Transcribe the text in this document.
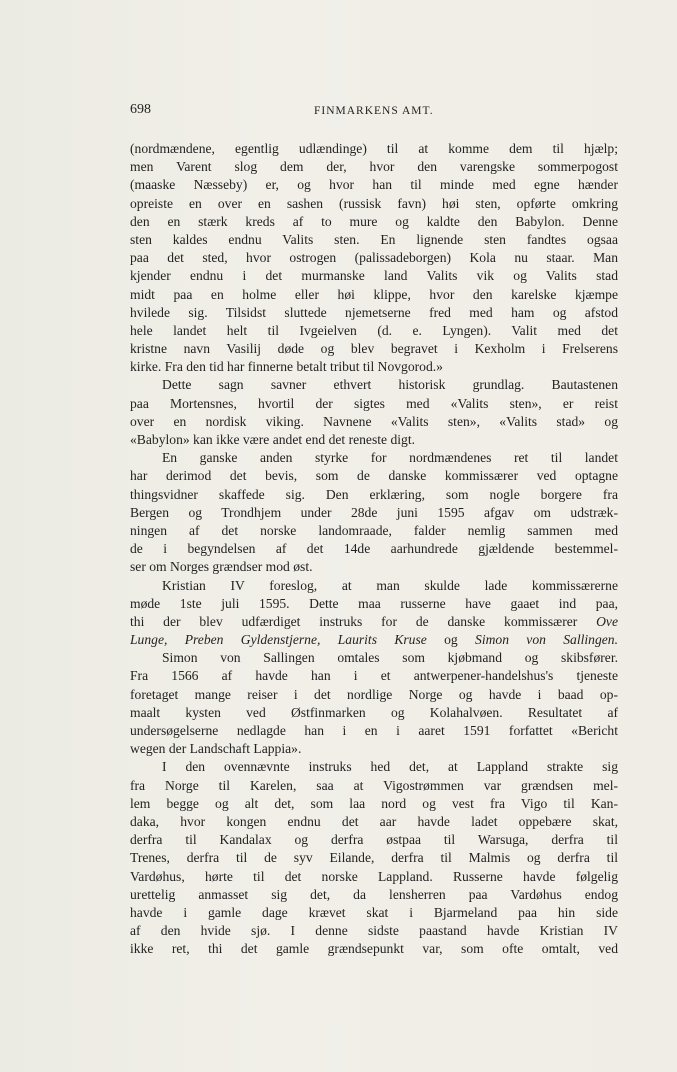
698	FINMARKENS AMT.
(nordmændene, egentlig udlændinge) til at komme dem til hjælp;
men Varent slog dem der, hvor den varengske sommerpogost
(maaske Næsseby) er, og hvor han til minde med egne hænder
opreiste en over en sashen (russisk favn) høi sten, opførte omkring
den en stærk kreds af to mure og kaldte den Babylon. Denne
sten kaldes endnu Valits sten. En lignende sten fandtes ogsaa
paa det sted, hvor ostrogen (palissadeborgen) Kola nu staar. Man
kjender endnu i det murmanske land Valits vik og Valits stad
midt paa en holme eller høi klippe, hvor den karelske kjæmpe
hvilede sig. Tilsidst sluttede njemetserne fred med ham og afstod
hele landet helt til Ivgeielven (d. e. Lyngen). Valit med det
kristne navn Vasilij døde og blev begravet i Kexholm i Frelserens
kirke. Fra den tid har finnerne betalt tribut til Novgorod.»
Dette sagn savner ethvert historisk grundlag. Bautastenen
paa Mortensnes, hvortil der sigtes med «Valits sten», er reist
over en nordisk viking. Navnene «Valits sten», «Valits stad» og
«Babylon» kan ikke være andet end det reneste digt.
En ganske anden styrke for nordmændenes ret til landet
har derimod det bevis, som de danske kommissærer ved optagne
thingsvidner skaffede sig. Den erklæring, som nogle borgere fra
Bergen og Trondhjem under 28de juni 1595 afgav om udstræk-
ningen af det norske landomraade, falder nemlig sammen med
de i begyndelsen af det 14de aarhundrede gjældende bestemmel-
ser om Norges grændser mod øst.
Kristian IV foreslog, at man skulde lade kommissærerne
møde 1ste juli 1595. Dette maa russerne have gaaet ind paa,
thi der blev udfærdiget instruks for de danske kommissærer Ove
Lunge, Preben Gyldenstjerne, Laurits Kruse og Simon von Sallingen.
Simon von Sallingen omtales som kjøbmand og skibsfører.
Fra 1566 af havde han i et antwerpener-handelshus's tjeneste
foretaget mange reiser i det nordlige Norge og havde i baad op-
maalt kysten ved Østfinmarken og Kolahalvøen. Resultatet af
undersøgelserne nedlagde han i en i aaret 1591 forfattet «Bericht
wegen der Landschaft Lappia».
I den ovennævnte instruks hed det, at Lappland strakte sig
fra Norge til Karelen, saa at Vigostrømmen var grændsen mel-
lem begge og alt det, som laa nord og vest fra Vigo til Kan-
daka, hvor kongen endnu det aar havde ladet oppebære skat,
derfra til Kandalax og derfra østpaa til Warsuga, derfra til
Trenes, derfra til de syv Eilande, derfra til Malmis og derfra til
Vardøhus, hørte til det norske Lappland. Russerne havde følgelig
urettelig anmasset sig det, da lensherren paa Vardøhus endog
havde i gamle dage krævet skat i Bjarmeland paa hin side
af den hvide sjø. I denne sidste paastand havde Kristian IV
ikke ret, thi det gamle grændsepunkt var, som ofte omtalt, ved
